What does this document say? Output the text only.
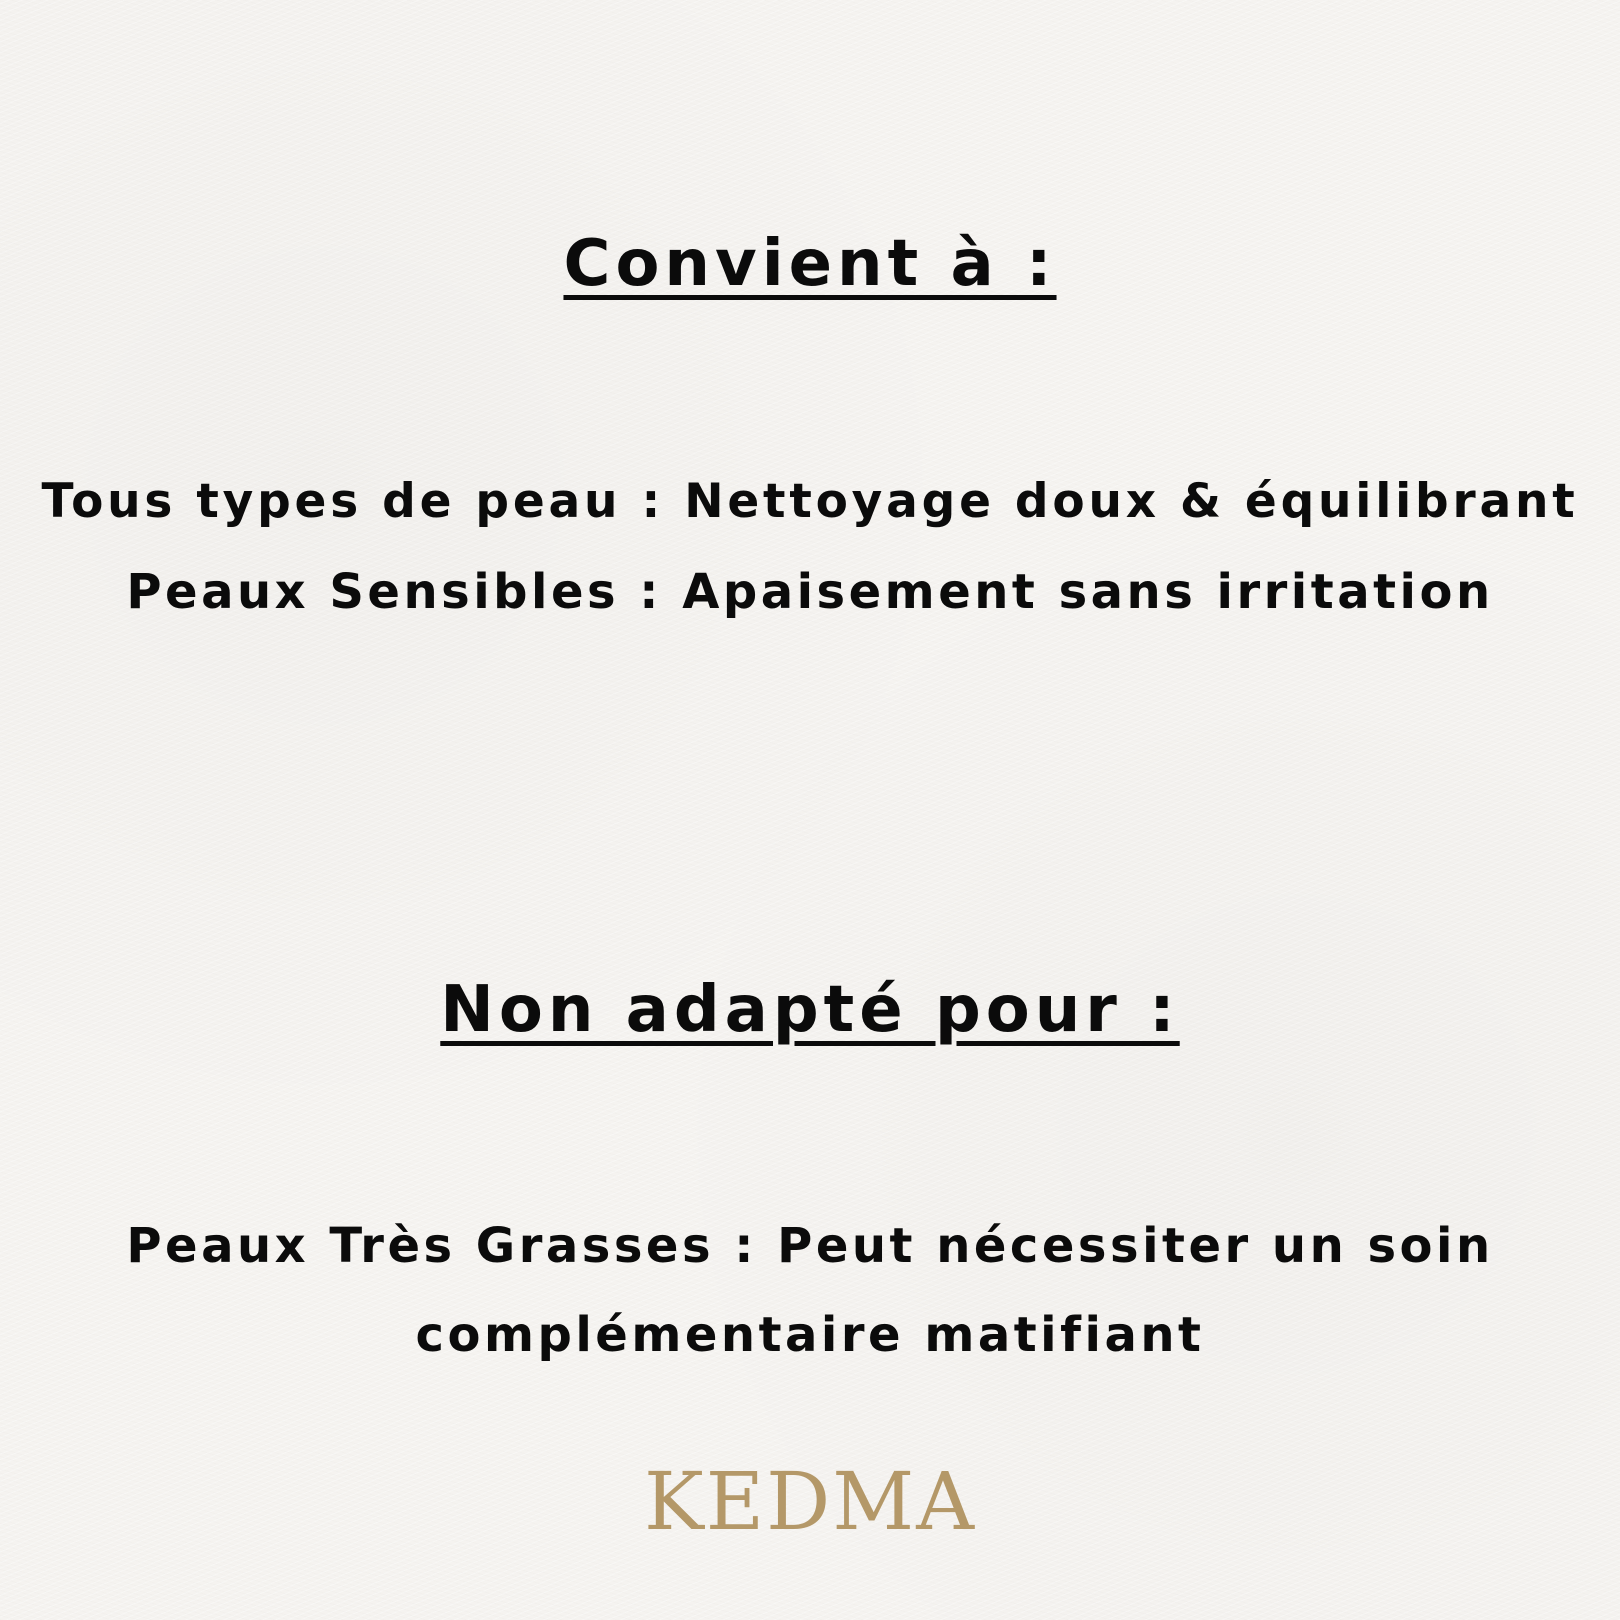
Convient à :
Tous types de peau : Nettoyage doux & équilibrant
Peaux Sensibles : Apaisement sans irritation
Non adapté pour :
Peaux Très Grasses : Peut nécessiter un soin
complémentaire matifiant
KEDMA
